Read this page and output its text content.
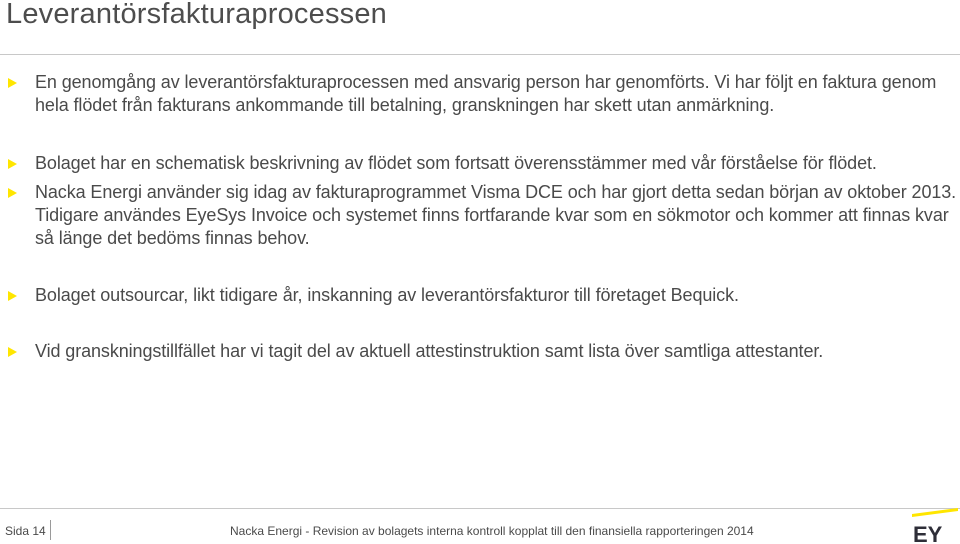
Leverantörsfakturaprocessen
En genomgång av leverantörsfakturaprocessen med ansvarig person har genomförts. Vi har följt en faktura genom hela flödet från fakturans ankommande till betalning, granskningen har skett utan anmärkning.
Bolaget har en schematisk beskrivning av flödet som fortsatt överensstämmer med vår förståelse för flödet.
Nacka Energi använder sig idag av fakturaprogrammet Visma DCE och har gjort detta sedan början av oktober 2013. Tidigare användes EyeSys Invoice och systemet finns fortfarande kvar som en sökmotor och kommer att finnas kvar så länge det bedöms finnas behov.
Bolaget outsourcar, likt tidigare år, inskanning av leverantörsfakturor till företaget Bequick.
Vid granskningstillfället har vi tagit del av aktuell attestinstruktion samt lista över samtliga attestanter.
Sida 14	Nacka Energi - Revision av bolagets interna kontroll kopplat till den finansiella rapporteringen 2014	EY
